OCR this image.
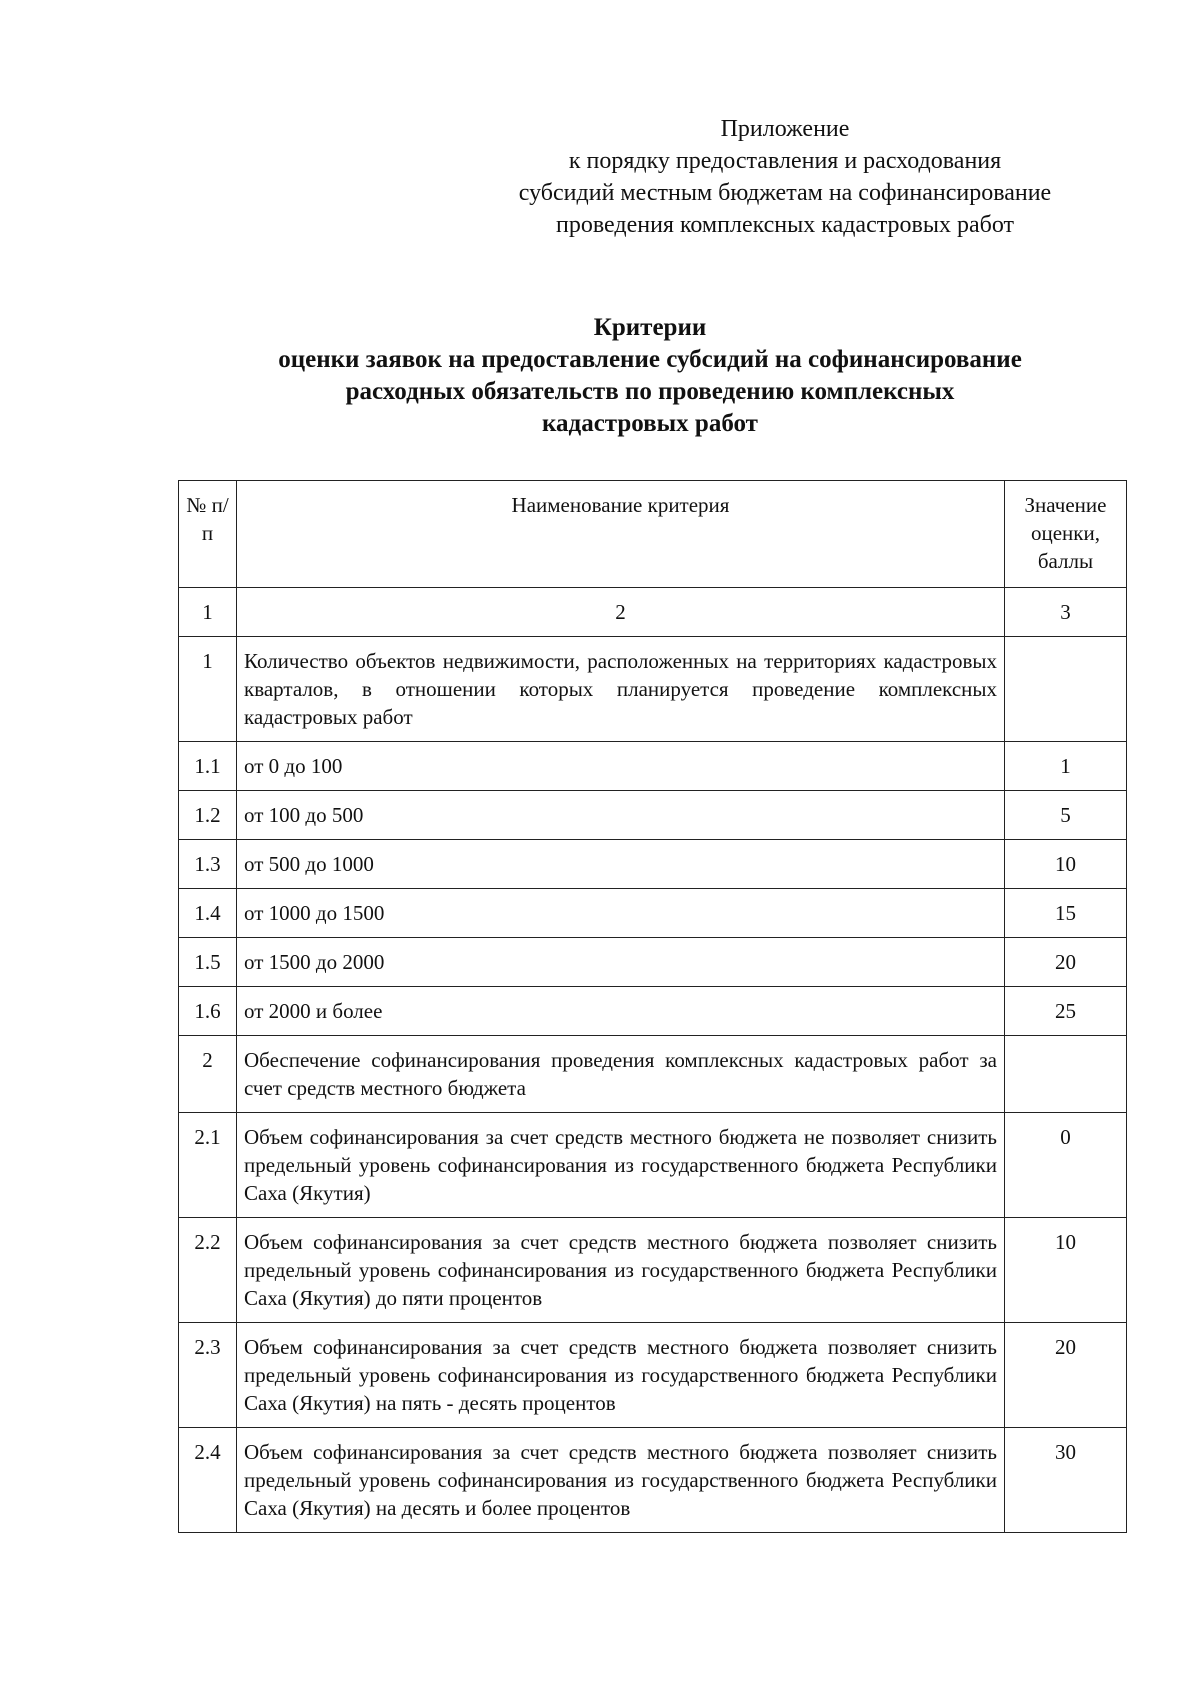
Приложение
к порядку предоставления и расходования
субсидий местным бюджетам на софинансирование
проведения комплексных кадастровых работ
Критерии
оценки заявок на предоставление субсидий на софинансирование
расходных обязательств по проведению комплексных
кадастровых работ
№ п/п	Наименование критерия	Значение оценки, баллы
1	2	3
1	Количество объектов недвижимости, расположенных на территориях кадастровых кварталов, в отношении которых планируется проведение комплексных кадастровых работ	
1.1	от 0 до 100	1
1.2	от 100 до 500	5
1.3	от 500 до 1000	10
1.4	от 1000 до 1500	15
1.5	от 1500 до 2000	20
1.6	от 2000 и более	25
2	Обеспечение софинансирования проведения комплексных кадастровых работ за счет средств местного бюджета	
2.1	Объем софинансирования за счет средств местного бюджета не позволяет снизить предельный уровень софинансирования из государственного бюджета Республики Саха (Якутия)	0
2.2	Объем софинансирования за счет средств местного бюджета позволяет снизить предельный уровень софинансирования из государственного бюджета Республики Саха (Якутия) до пяти процентов	10
2.3	Объем софинансирования за счет средств местного бюджета позволяет снизить предельный уровень софинансирования из государственного бюджета Республики Саха (Якутия) на пять - десять процентов	20
2.4	Объем софинансирования за счет средств местного бюджета позволяет снизить предельный уровень софинансирования из государственного бюджета Республики Саха (Якутия) на десять и более процентов	30
